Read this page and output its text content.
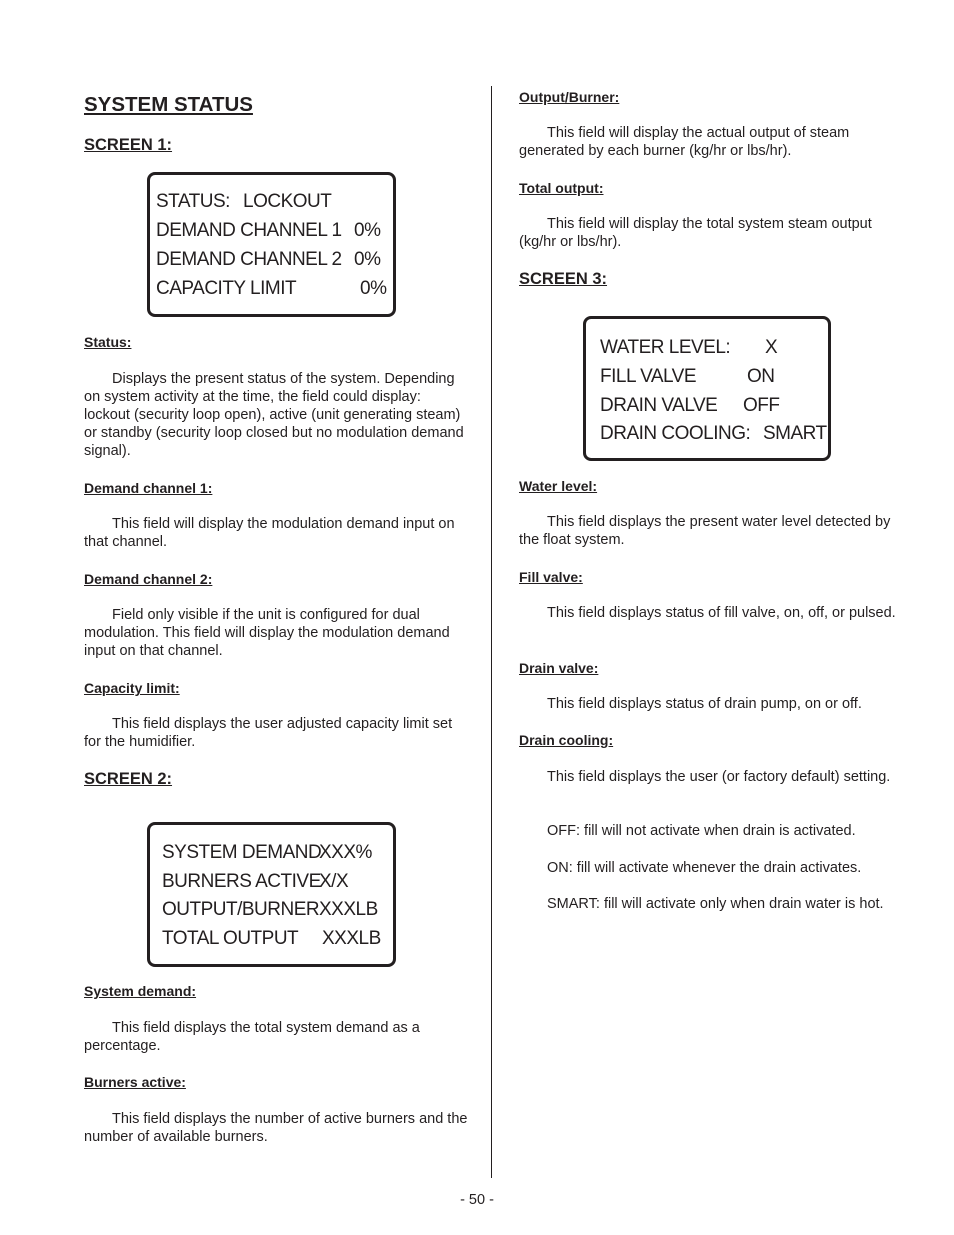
SYSTEM STATUS
SCREEN 1:
STATUS: LOCKOUT
DEMAND CHANNEL 1 0%
DEMAND CHANNEL 2 0%
CAPACITY LIMIT	0%
Status:

Displays the present status of the system. Depending on system activity at the time, the field could display: lockout (security loop open), active (unit generating steam) or standby (security loop closed but no modulation demand signal).

Demand channel 1:

This field will display the modulation demand input on that channel.

Demand channel 2:

Field only visible if the unit is configured for dual modulation. This field will display the modulation demand input on that channel.

Capacity limit:

This field displays the user adjusted capacity limit set for the humidifier.

SCREEN 2:
SYSTEM DEMAND
XXX%
BURNERS ACTIVE
X/X
OUTPUT/BURNER XXXLB
TOTAL OUTPUT XXXLB
System demand:

This field displays the total system demand as a percentage.

Burners active:

This field displays the number of active burners and the number of available burners.

Output/Burner:

This field will display the actual output of steam generated by each burner (kg/hr or lbs/hr).

Total output:

This field will display the total system steam output (kg/hr or lbs/hr).

SCREEN 3:
WATER LEVEL: X
FILL VALVE	ON
DRAIN VALVE OFF
DRAIN COOLING: SMART
Water level:

This field displays the present water level detected by the float system.

Fill valve:

This field displays status of fill valve, on, off, or pulsed.

Drain valve:

This field displays status of drain pump, on or off.

Drain cooling:

This field displays the user (or factory default) setting.

OFF: fill will not activate when drain is activated.

ON: fill will activate whenever the drain activates.

SMART: fill will activate only when drain water is hot.

- 50 -
